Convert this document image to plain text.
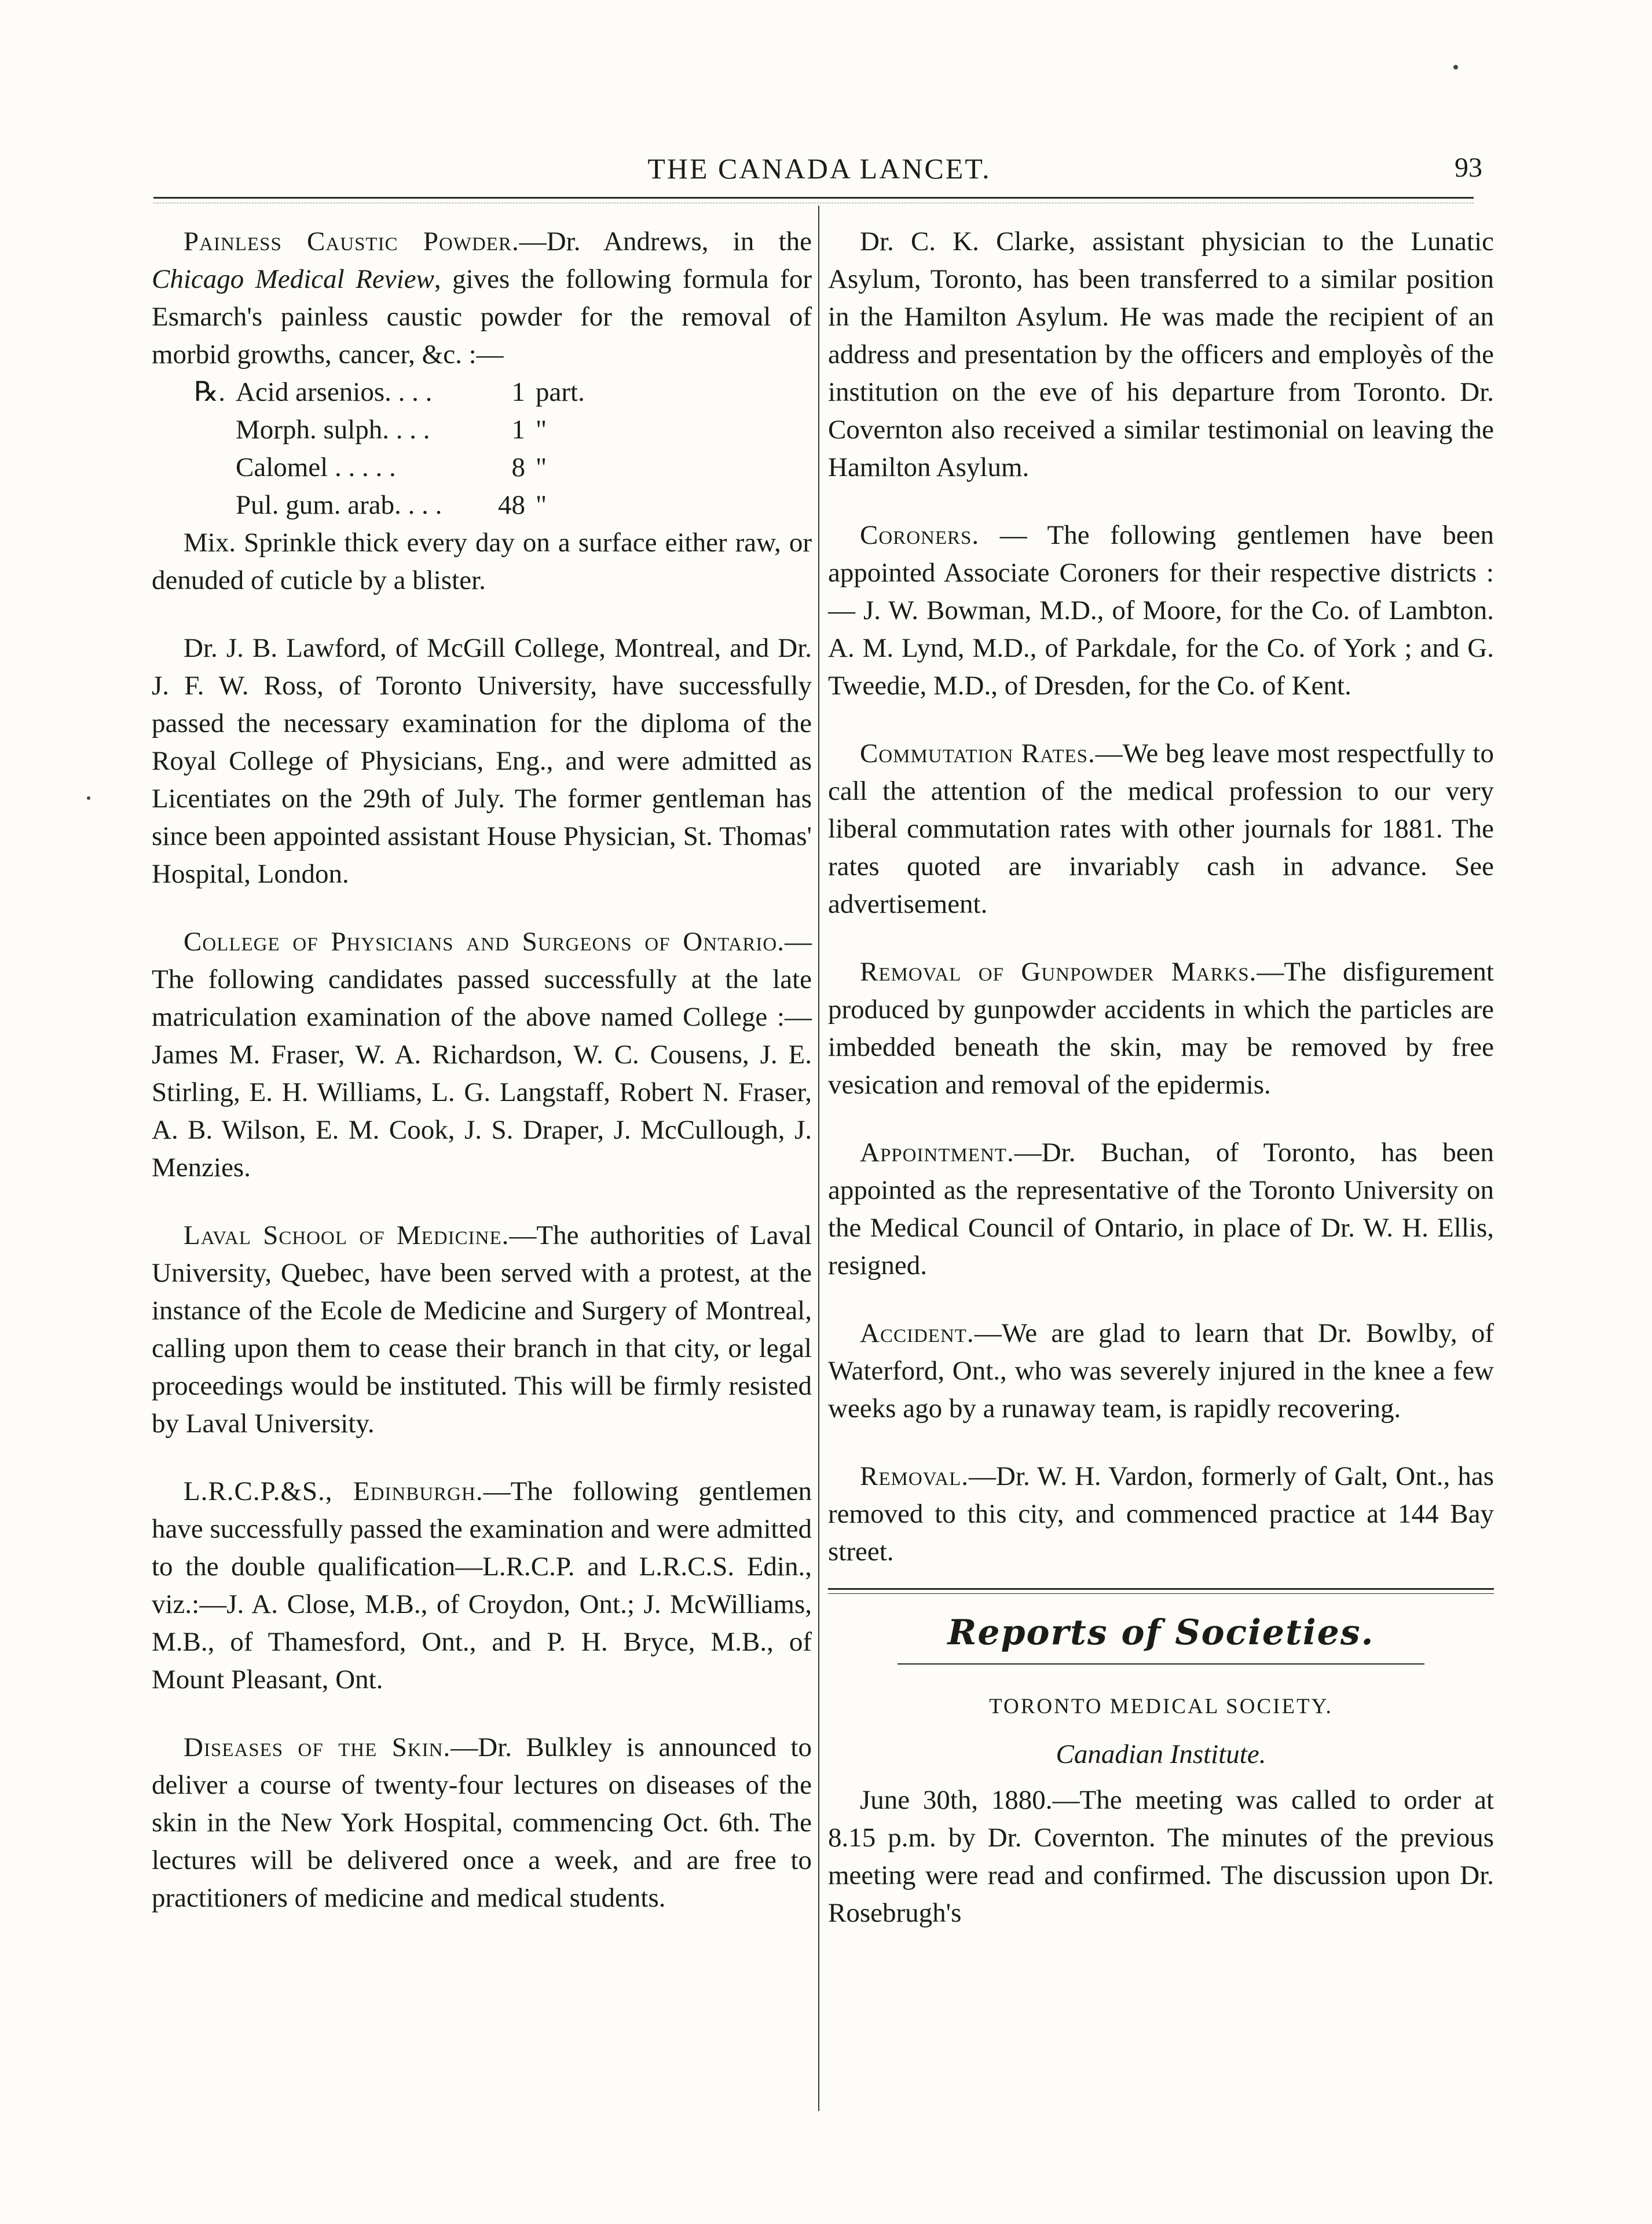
THE CANADA LANCET.	93

Painless Caustic Powder.—Dr. Andrews, in the Chicago Medical Review, gives the following formula for Esmarch's painless caustic powder for the removal of morbid growths, cancer, &c. :—

℞. Acid arsenios. . . .	1 part.
Morph. sulph. . . .	1 "
Calomel . . . . .	8 "
Pul. gum. arab. . . .	48 "

Mix. Sprinkle thick every day on a surface either raw, or denuded of cuticle by a blister.

Dr. J. B. Lawford, of McGill College, Montreal, and Dr. J. F. W. Ross, of Toronto University, have successfully passed the necessary examination for the diploma of the Royal College of Physicians, Eng., and were admitted as Licentiates on the 29th of July. The former gentleman has since been appointed assistant House Physician, St. Thomas' Hospital, London.

College of Physicians and Surgeons of Ontario.—The following candidates passed successfully at the late matriculation examination of the above named College :—James M. Fraser, W. A. Richardson, W. C. Cousens, J. E. Stirling, E. H. Williams, L. G. Langstaff, Robert N. Fraser, A. B. Wilson, E. M. Cook, J. S. Draper, J. McCullough, J. Menzies.

Laval School of Medicine.—The authorities of Laval University, Quebec, have been served with a protest, at the instance of the Ecole de Medicine and Surgery of Montreal, calling upon them to cease their branch in that city, or legal proceedings would be instituted. This will be firmly resisted by Laval University.

L.R.C.P.&S., Edinburgh.—The following gentlemen have successfully passed the examination and were admitted to the double qualification—L.R.C.P. and L.R.C.S. Edin., viz.:—J. A. Close, M.B., of Croydon, Ont.; J. McWilliams, M.B., of Thamesford, Ont., and P. H. Bryce, M.B., of Mount Pleasant, Ont.

Diseases of the Skin.—Dr. Bulkley is announced to deliver a course of twenty-four lectures on diseases of the skin in the New York Hospital, commencing Oct. 6th. The lectures will be delivered once a week, and are free to practitioners of medicine and medical students.

Dr. C. K. Clarke, assistant physician to the Lunatic Asylum, Toronto, has been transferred to a similar position in the Hamilton Asylum. He was made the recipient of an address and presentation by the officers and employès of the institution on the eve of his departure from Toronto. Dr. Covernton also received a similar testimonial on leaving the Hamilton Asylum.

Coroners. — The following gentlemen have been appointed Associate Coroners for their respective districts : — J. W. Bowman, M.D., of Moore, for the Co. of Lambton. A. M. Lynd, M.D., of Parkdale, for the Co. of York ; and G. Tweedie, M.D., of Dresden, for the Co. of Kent.

Commutation Rates.—We beg leave most respectfully to call the attention of the medical profession to our very liberal commutation rates with other journals for 1881. The rates quoted are invariably cash in advance. See advertisement.

Removal of Gunpowder Marks.—The disfigurement produced by gunpowder accidents in which the particles are imbedded beneath the skin, may be removed by free vesication and removal of the epidermis.

Appointment.—Dr. Buchan, of Toronto, has been appointed as the representative of the Toronto University on the Medical Council of Ontario, in place of Dr. W. H. Ellis, resigned.

Accident.—We are glad to learn that Dr. Bowlby, of Waterford, Ont., who was severely injured in the knee a few weeks ago by a runaway team, is rapidly recovering.

Removal.—Dr. W. H. Vardon, formerly of Galt, Ont., has removed to this city, and commenced practice at 144 Bay street.

Reports of Societies.
TORONTO MEDICAL SOCIETY.
Canadian Institute.

June 30th, 1880.—The meeting was called to order at 8.15 p.m. by Dr. Covernton. The minutes of the previous meeting were read and confirmed. The discussion upon Dr. Rosebrugh's
